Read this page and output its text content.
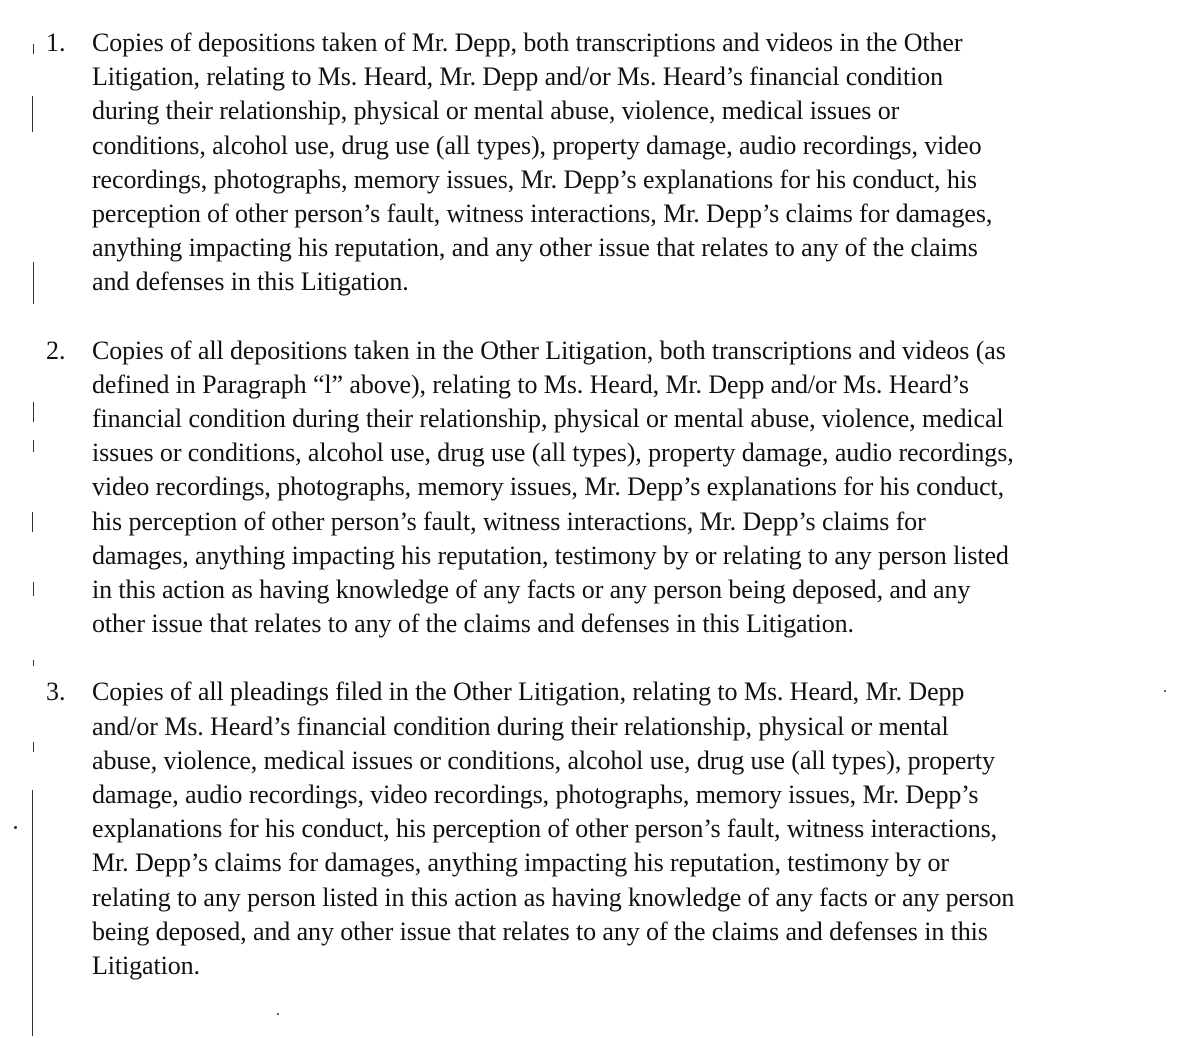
1.	Copies of depositions taken of Mr. Depp, both transcriptions and videos in the Other
Litigation, relating to Ms. Heard, Mr. Depp and/or Ms. Heard’s financial condition
during their relationship, physical or mental abuse, violence, medical issues or
conditions, alcohol use, drug use (all types), property damage, audio recordings, video
recordings, photographs, memory issues, Mr. Depp’s explanations for his conduct, his
perception of other person’s fault, witness interactions, Mr. Depp’s claims for damages,
anything impacting his reputation, and any other issue that relates to any of the claims
and defenses in this Litigation.
2.	Copies of all depositions taken in the Other Litigation, both transcriptions and videos (as
defined in Paragraph “l” above), relating to Ms. Heard, Mr. Depp and/or Ms. Heard’s
financial condition during their relationship, physical or mental abuse, violence, medical
issues or conditions, alcohol use, drug use (all types), property damage, audio recordings,
video recordings, photographs, memory issues, Mr. Depp’s explanations for his conduct,
his perception of other person’s fault, witness interactions, Mr. Depp’s claims for
damages, anything impacting his reputation, testimony by or relating to any person listed
in this action as having knowledge of any facts or any person being deposed, and any
other issue that relates to any of the claims and defenses in this Litigation.
3.	Copies of all pleadings filed in the Other Litigation, relating to Ms. Heard, Mr. Depp
and/or Ms. Heard’s financial condition during their relationship, physical or mental
abuse, violence, medical issues or conditions, alcohol use, drug use (all types), property
damage, audio recordings, video recordings, photographs, memory issues, Mr. Depp’s
explanations for his conduct, his perception of other person’s fault, witness interactions,
Mr. Depp’s claims for damages, anything impacting his reputation, testimony by or
relating to any person listed in this action as having knowledge of any facts or any person
being deposed, and any other issue that relates to any of the claims and defenses in this
Litigation.
